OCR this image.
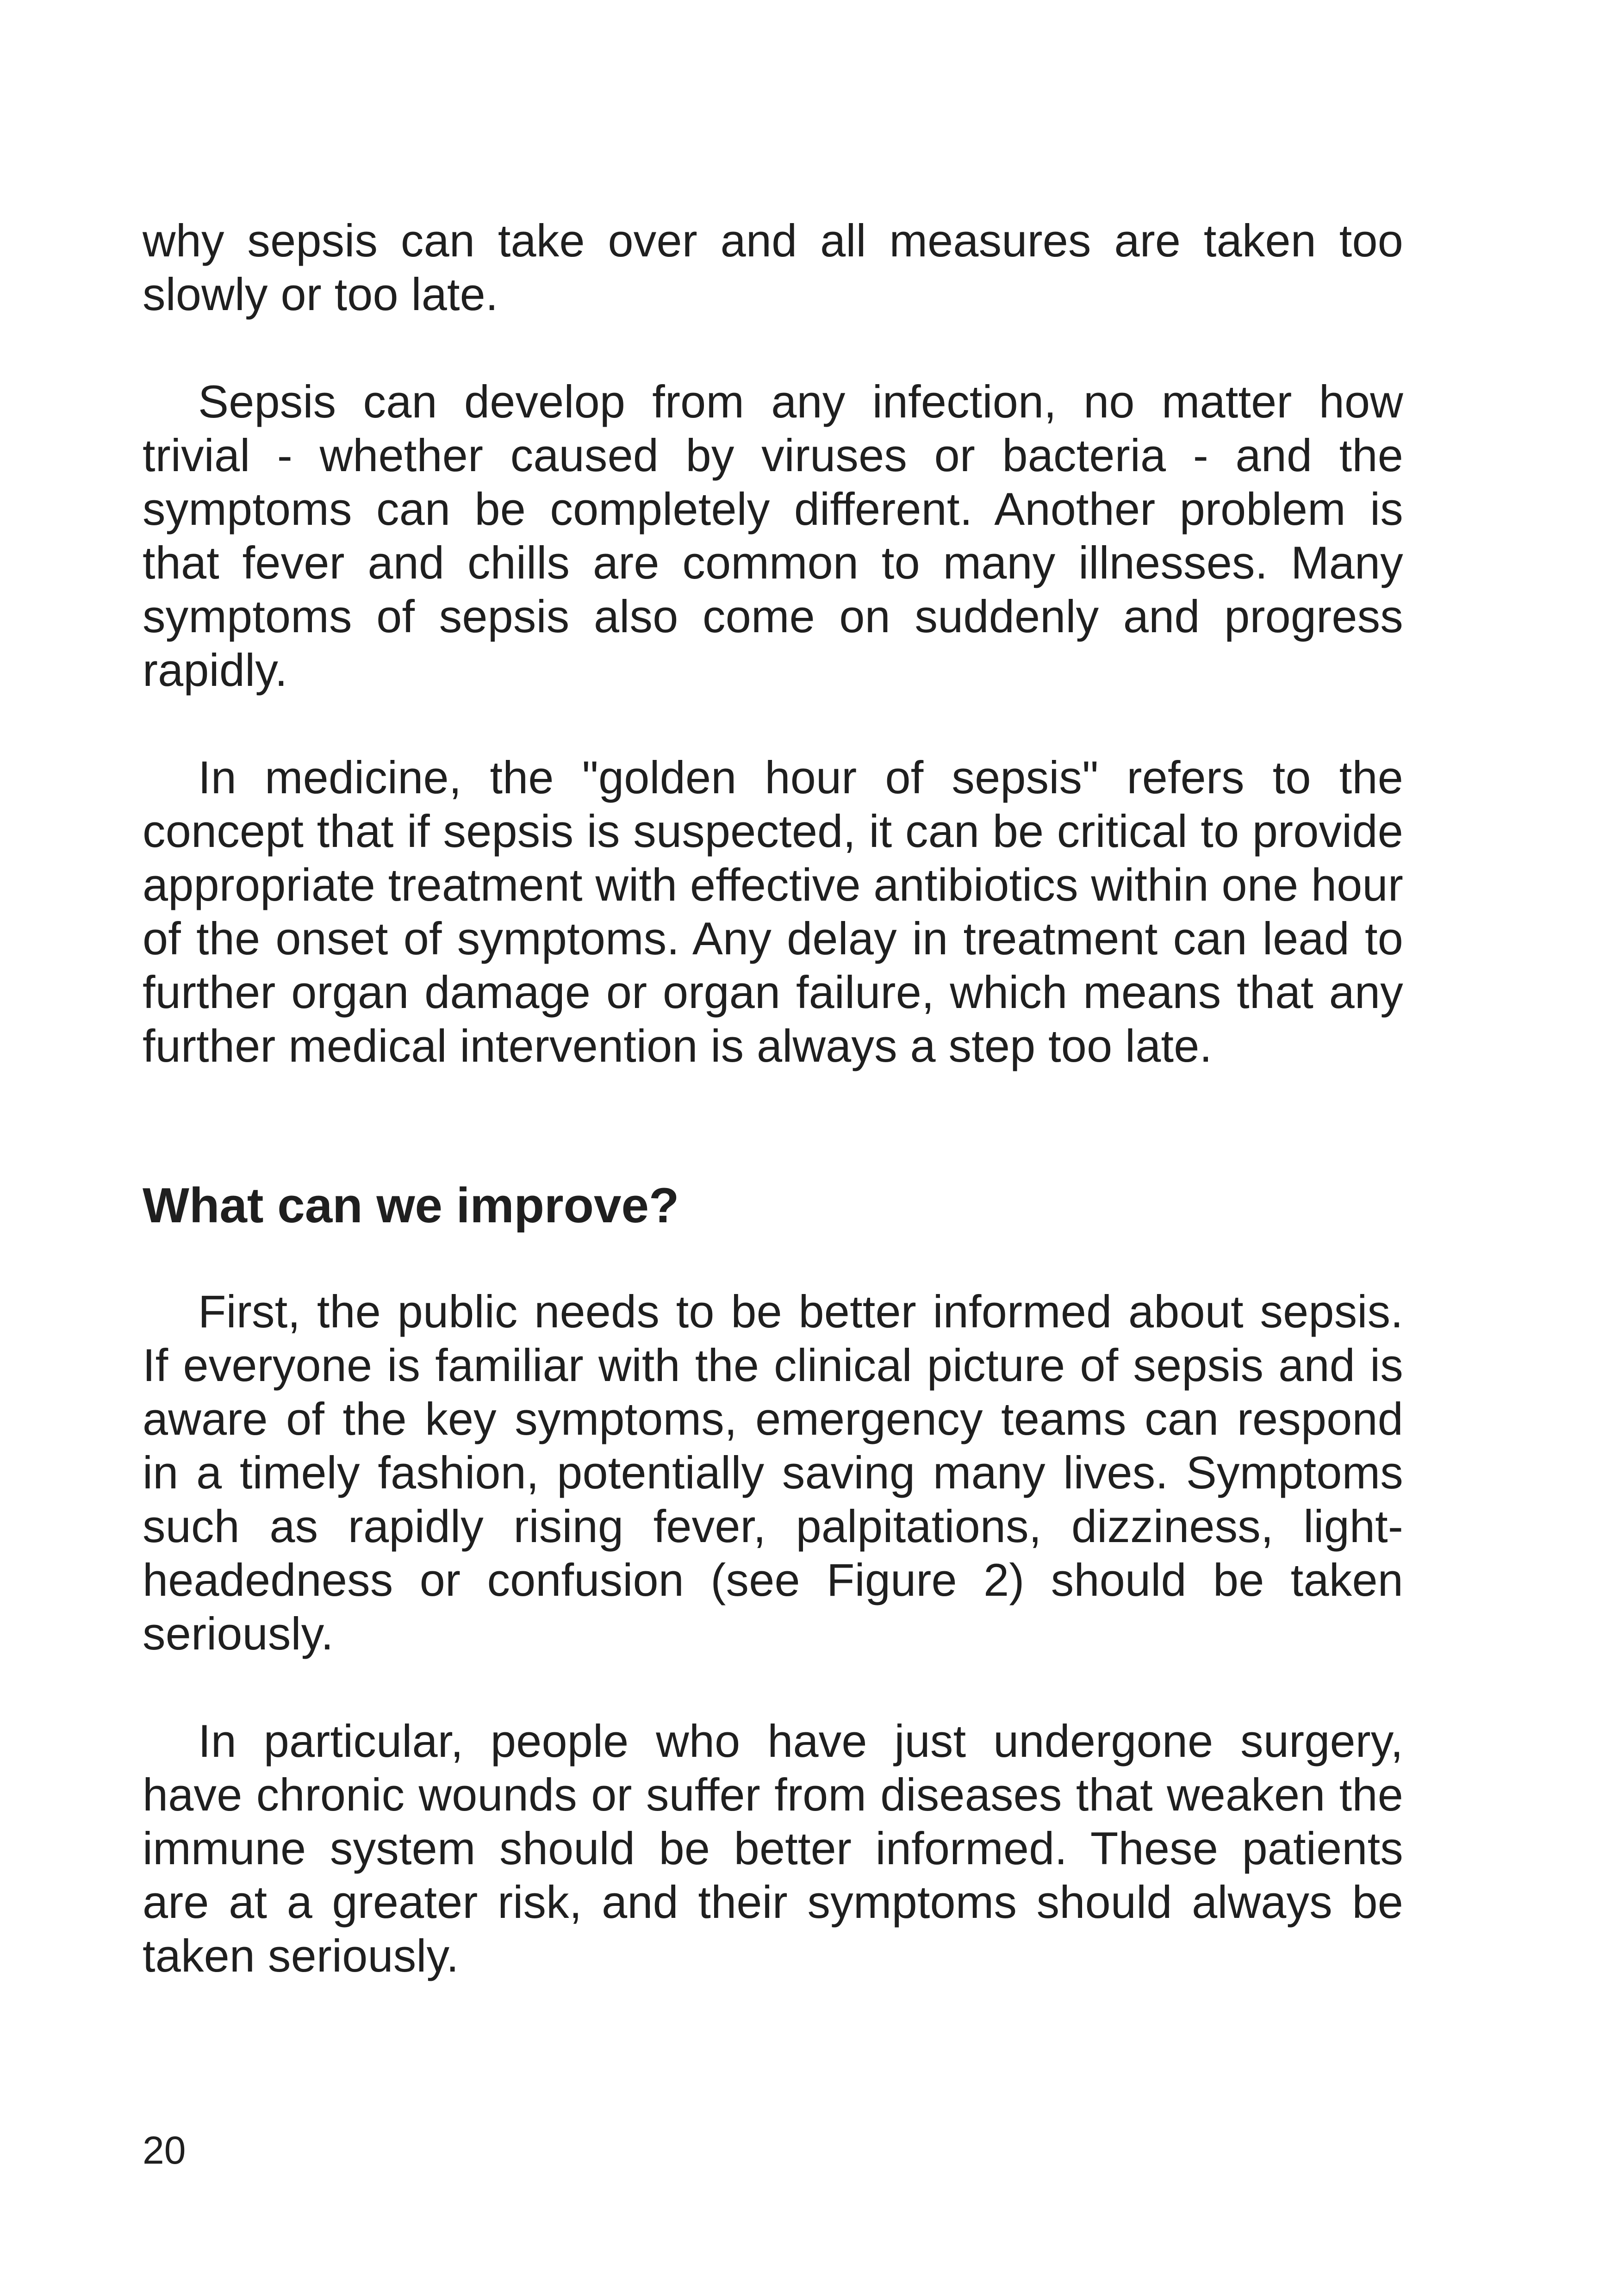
why sepsis can take over and all measures are taken too slowly or too late.

Sepsis can develop from any infection, no matter how trivial - whether caused by viruses or bacteria - and the symptoms can be completely different. Another problem is that fever and chills are common to many illnesses. Many symptoms of sepsis also come on suddenly and progress rapidly.

In medicine, the "golden hour of sepsis" refers to the concept that if sepsis is suspected, it can be critical to provide appropriate treatment with effective antibiotics within one hour of the onset of symptoms. Any delay in treatment can lead to further organ damage or organ failure, which means that any further medical intervention is always a step too late.

What can we improve?

First, the public needs to be better informed about sepsis. If everyone is familiar with the clinical picture of sepsis and is aware of the key symptoms, emergency teams can respond in a timely fashion, potentially saving many lives. Symptoms such as rapidly rising fever, palpitations, dizziness, light-headedness or confusion (see Figure 2) should be taken seriously.

In particular, people who have just undergone surgery, have chronic wounds or suffer from diseases that weaken the immune system should be better informed. These patients are at a greater risk, and their symptoms should always be taken seriously.

20
